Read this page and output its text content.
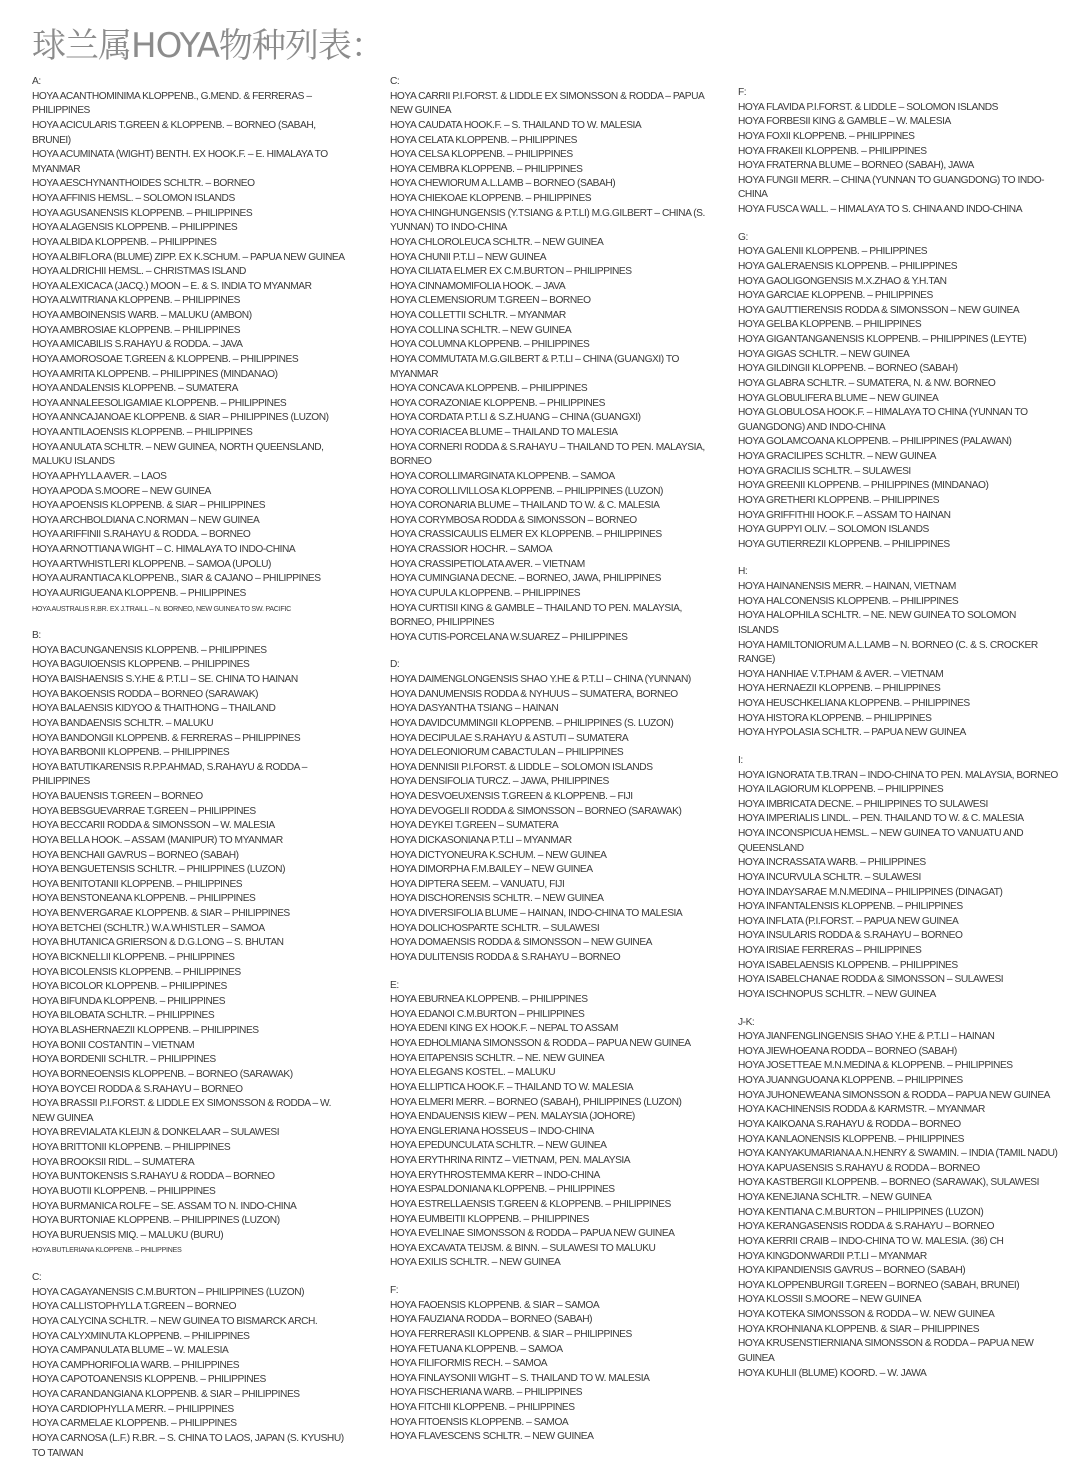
球兰属HOYA物种列表：
A:
HOYA ACANTHOMINIMA KLOPPENB., G.MEND. & FERRERAS – PHILIPPINES
HOYA ACICULARIS T.GREEN & KLOPPENB. – BORNEO (SABAH, BRUNEI)
HOYA ACUMINATA (WIGHT) BENTH. EX HOOK.F. – E. HIMALAYA TO MYANMAR
HOYA AESCHYNANTHOIDES SCHLTR. – BORNEO
HOYA AFFINIS HEMSL. – SOLOMON ISLANDS
HOYA AGUSANENSIS KLOPPENB. – PHILIPPINES
HOYA ALAGENSIS KLOPPENB. – PHILIPPINES
HOYA ALBIDA KLOPPENB. – PHILIPPINES
HOYA ALBIFLORA (BLUME) ZIPP. EX K.SCHUM. – PAPUA NEW GUINEA
HOYA ALDRICHII HEMSL. – CHRISTMAS ISLAND
HOYA ALEXICACA (JACQ.) MOON – E. & S. INDIA TO MYANMAR
HOYA ALWITRIANA KLOPPENB. – PHILIPPINES
HOYA AMBOINENSIS WARB. – MALUKU (AMBON)
HOYA AMBROSIAE KLOPPENB. – PHILIPPINES
HOYA AMICABILIS S.RAHAYU & RODDA. – JAVA
HOYA AMOROSOAE T.GREEN & KLOPPENB. – PHILIPPINES
HOYA AMRITA KLOPPENB. – PHILIPPINES (MINDANAO)
HOYA ANDALENSIS KLOPPENB. – SUMATERA
HOYA ANNALEESOLIGAMIAE KLOPPENB. – PHILIPPINES
HOYA ANNCAJANOAE KLOPPENB. & SIAR – PHILIPPINES (LUZON)
HOYA ANTILAOENSIS KLOPPENB. – PHILIPPINES
HOYA ANULATA SCHLTR. – NEW GUINEA, NORTH QUEENSLAND, MALUKU ISLANDS
HOYA APHYLLA AVER. – LAOS
HOYA APODA S.MOORE – NEW GUINEA
HOYA APOENSIS KLOPPENB. & SIAR – PHILIPPINES
HOYA ARCHBOLDIANA C.NORMAN – NEW GUINEA
HOYA ARIFFINII S.RAHAYU & RODDA. – BORNEO
HOYA ARNOTTIANA WIGHT – C. HIMALAYA TO INDO-CHINA
HOYA ARTWHISTLERI KLOPPENB. – SAMOA (UPOLU)
HOYA AURANTIACA KLOPPENB., SIAR & CAJANO – PHILIPPINES
HOYA AURIGUEANA KLOPPENB. – PHILIPPINES
HOYA AUSTRALIS R.BR. EX J.TRAILL – N. BORNEO, NEW GUINEA TO SW. PACIFIC
B:
HOYA BACUNGANENSIS KLOPPENB. – PHILIPPINES
HOYA BAGUIOENSIS KLOPPENB. – PHILIPPINES
HOYA BAISHAENSIS S.Y.HE & P.T.LI – SE. CHINA TO HAINAN
HOYA BAKOENSIS RODDA – BORNEO (SARAWAK)
HOYA BALAENSIS KIDYOO & THAITHONG – THAILAND
HOYA BANDAENSIS SCHLTR. – MALUKU
HOYA BANDONGII KLOPPENB. & FERRERAS – PHILIPPINES
HOYA BARBONII KLOPPENB. – PHILIPPINES
HOYA BATUTIKARENSIS R.P.P.AHMAD, S.RAHAYU & RODDA – PHILIPPINES
HOYA BAUENSIS T.GREEN – BORNEO
HOYA BEBSGUEVARRAE T.GREEN – PHILIPPINES
HOYA BECCARII RODDA & SIMONSSON – W. MALESIA
HOYA BELLA HOOK. – ASSAM (MANIPUR) TO MYANMAR
HOYA BENCHAII GAVRUS – BORNEO (SABAH)
HOYA BENGUETENSIS SCHLTR. – PHILIPPINES (LUZON)
HOYA BENITOTANII KLOPPENB. – PHILIPPINES
HOYA BENSTONEANA KLOPPENB. – PHILIPPINES
HOYA BENVERGARAE KLOPPENB. & SIAR – PHILIPPINES
HOYA BETCHEI (SCHLTR.) W.A.WHISTLER – SAMOA
HOYA BHUTANICA GRIERSON & D.G.LONG – S. BHUTAN
HOYA BICKNELLII KLOPPENB. – PHILIPPINES
HOYA BICOLENSIS KLOPPENB. – PHILIPPINES
HOYA BICOLOR KLOPPENB. – PHILIPPINES
HOYA BIFUNDA KLOPPENB. – PHILIPPINES
HOYA BILOBATA SCHLTR. – PHILIPPINES
HOYA BLASHERNAEZII KLOPPENB. – PHILIPPINES
HOYA BONII COSTANTIN – VIETNAM
HOYA BORDENII SCHLTR. – PHILIPPINES
HOYA BORNEOENSIS KLOPPENB. – BORNEO (SARAWAK)
HOYA BOYCEI RODDA & S.RAHAYU – BORNEO
HOYA BRASSII P.I.FORST. & LIDDLE EX SIMONSSON & RODDA – W. NEW GUINEA
HOYA BREVIALATA KLEIJN & DONKELAAR – SULAWESI
HOYA BRITTONII KLOPPENB. – PHILIPPINES
HOYA BROOKSII RIDL. – SUMATERA
HOYA BUNTOKENSIS S.RAHAYU & RODDA – BORNEO
HOYA BUOTII KLOPPENB. – PHILIPPINES
HOYA BURMANICA ROLFE – SE. ASSAM TO N. INDO-CHINA
HOYA BURTONIAE KLOPPENB. – PHILIPPINES (LUZON)
HOYA BURUENSIS MIQ. – MALUKU (BURU)
HOYA BUTLERIANA KLOPPENB. – PHILIPPINES
C:
HOYA CAGAYANENSIS C.M.BURTON – PHILIPPINES (LUZON)
HOYA CALLISTOPHYLLA T.GREEN – BORNEO
HOYA CALYCINA SCHLTR. – NEW GUINEA TO BISMARCK ARCH.
HOYA CALYXMINUTA KLOPPENB. – PHILIPPINES
HOYA CAMPANULATA BLUME – W. MALESIA
HOYA CAMPHORIFOLIA WARB. – PHILIPPINES
HOYA CAPOTOANENSIS KLOPPENB. – PHILIPPINES
HOYA CARANDANGIANA KLOPPENB. & SIAR – PHILIPPINES
HOYA CARDIOPHYLLA MERR. – PHILIPPINES
HOYA CARMELAE KLOPPENB. – PHILIPPINES
HOYA CARNOSA (L.F.) R.BR. – S. CHINA TO LAOS, JAPAN (S. KYUSHU) TO TAIWAN
C:
HOYA CARRII P.I.FORST. & LIDDLE EX SIMONSSON & RODDA – PAPUA NEW GUINEA
HOYA CAUDATA HOOK.F. – S. THAILAND TO W. MALESIA
HOYA CELATA KLOPPENB. – PHILIPPINES
HOYA CELSA KLOPPENB. – PHILIPPINES
HOYA CEMBRA KLOPPENB. – PHILIPPINES
HOYA CHEWIORUM A.L.LAMB – BORNEO (SABAH)
HOYA CHIEKOAE KLOPPENB. – PHILIPPINES
HOYA CHINGHUNGENSIS (Y.TSIANG & P.T.LI) M.G.GILBERT – CHINA (S. YUNNAN) TO INDO-CHINA
HOYA CHLOROLEUCA SCHLTR. – NEW GUINEA
HOYA CHUNII P.T.LI – NEW GUINEA
HOYA CILIATA ELMER EX C.M.BURTON – PHILIPPINES
HOYA CINNAMOMIFOLIA HOOK. – JAVA
HOYA CLEMENSIORUM T.GREEN – BORNEO
HOYA COLLETTII SCHLTR. – MYANMAR
HOYA COLLINA SCHLTR. – NEW GUINEA
HOYA COLUMNA KLOPPENB. – PHILIPPINES
HOYA COMMUTATA M.G.GILBERT & P.T.LI – CHINA (GUANGXI) TO MYANMAR
HOYA CONCAVA KLOPPENB. – PHILIPPINES
HOYA CORAZONIAE KLOPPENB. – PHILIPPINES
HOYA CORDATA P.T.LI & S.Z.HUANG – CHINA (GUANGXI)
HOYA CORIACEA BLUME – THAILAND TO MALESIA
HOYA CORNERI RODDA & S.RAHAYU – THAILAND TO PEN. MALAYSIA, BORNEO
HOYA COROLLIMARGINATA KLOPPENB. – SAMOA
HOYA COROLLIVILLOSA KLOPPENB. – PHILIPPINES (LUZON)
HOYA CORONARIA BLUME – THAILAND TO W. & C. MALESIA
HOYA CORYMBOSA RODDA & SIMONSSON – BORNEO
HOYA CRASSICAULIS ELMER EX KLOPPENB. – PHILIPPINES
HOYA CRASSIOR HOCHR. – SAMOA
HOYA CRASSIPETIOLATA AVER. – VIETNAM
HOYA CUMINGIANA DECNE. – BORNEO, JAWA, PHILIPPINES
HOYA CUPULA KLOPPENB. – PHILIPPINES
HOYA CURTISII KING & GAMBLE – THAILAND TO PEN. MALAYSIA, BORNEO, PHILIPPINES
HOYA CUTIS-PORCELANA W.SUAREZ – PHILIPPINES
D:
HOYA DAIMENGLONGENSIS SHAO Y.HE & P.T.LI – CHINA (YUNNAN)
HOYA DANUMENSIS RODDA & NYHUUS – SUMATERA, BORNEO
HOYA DASYANTHA TSIANG – HAINAN
HOYA DAVIDCUMMINGII KLOPPENB. – PHILIPPINES (S. LUZON)
HOYA DECIPULAE S.RAHAYU & ASTUTI – SUMATERA
HOYA DELEONIORUM CABACTULAN – PHILIPPINES
HOYA DENNISII P.I.FORST. & LIDDLE – SOLOMON ISLANDS
HOYA DENSIFOLIA TURCZ. – JAWA, PHILIPPINES
HOYA DESVOEUXENSIS T.GREEN & KLOPPENB. – FIJI
HOYA DEVOGELII RODDA & SIMONSSON – BORNEO (SARAWAK)
HOYA DEYKEI T.GREEN – SUMATERA
HOYA DICKASONIANA P.T.LI – MYANMAR
HOYA DICTYONEURA K.SCHUM. – NEW GUINEA
HOYA DIMORPHA F.M.BAILEY – NEW GUINEA
HOYA DIPTERA SEEM. – VANUATU, FIJI
HOYA DISCHORENSIS SCHLTR. – NEW GUINEA
HOYA DIVERSIFOLIA BLUME – HAINAN, INDO-CHINA TO MALESIA
HOYA DOLICHOSPARTE SCHLTR. – SULAWESI
HOYA DOMAENSIS RODDA & SIMONSSON – NEW GUINEA
HOYA DULITENSIS RODDA & S.RAHAYU – BORNEO
E:
HOYA EBURNEA KLOPPENB. – PHILIPPINES
HOYA EDANOI C.M.BURTON – PHILIPPINES
HOYA EDENI KING EX HOOK.F. – NEPAL TO ASSAM
HOYA EDHOLMIANA SIMONSSON & RODDA – PAPUA NEW GUINEA
HOYA EITAPENSIS SCHLTR. – NE. NEW GUINEA
HOYA ELEGANS KOSTEL. – MALUKU
HOYA ELLIPTICA HOOK.F. – THAILAND TO W. MALESIA
HOYA ELMERI MERR. – BORNEO (SABAH), PHILIPPINES (LUZON)
HOYA ENDAUENSIS KIEW – PEN. MALAYSIA (JOHORE)
HOYA ENGLERIANA HOSSEUS – INDO-CHINA
HOYA EPEDUNCULATA SCHLTR. – NEW GUINEA
HOYA ERYTHRINA RINTZ – VIETNAM, PEN. MALAYSIA
HOYA ERYTHROSTEMMA KERR – INDO-CHINA
HOYA ESPALDONIANA KLOPPENB. – PHILIPPINES
HOYA ESTRELLAENSIS T.GREEN & KLOPPENB. – PHILIPPINES
HOYA EUMBEITII KLOPPENB. – PHILIPPINES
HOYA EVELINAE SIMONSSON & RODDA – PAPUA NEW GUINEA
HOYA EXCAVATA TEIJSM. & BINN. – SULAWESI TO MALUKU
HOYA EXILIS SCHLTR. – NEW GUINEA
F:
HOYA FAOENSIS KLOPPENB. & SIAR – SAMOA
HOYA FAUZIANA RODDA – BORNEO (SABAH)
HOYA FERRERASII KLOPPENB. & SIAR – PHILIPPINES
HOYA FETUANA KLOPPENB. – SAMOA
HOYA FILIFORMIS RECH. – SAMOA
HOYA FINLAYSONII WIGHT – S. THAILAND TO W. MALESIA
HOYA FISCHERIANA WARB. – PHILIPPINES
HOYA FITCHII KLOPPENB. – PHILIPPINES
HOYA FITOENSIS KLOPPENB. – SAMOA
HOYA FLAVESCENS SCHLTR. – NEW GUINEA
F:
HOYA FLAVIDA P.I.FORST. & LIDDLE – SOLOMON ISLANDS
HOYA FORBESII KING & GAMBLE – W. MALESIA
HOYA FOXII KLOPPENB. – PHILIPPINES
HOYA FRAKEII KLOPPENB. – PHILIPPINES
HOYA FRATERNA BLUME – BORNEO (SABAH), JAWA
HOYA FUNGII MERR. – CHINA (YUNNAN TO GUANGDONG) TO INDO-CHINA
HOYA FUSCA WALL. – HIMALAYA TO S. CHINA AND INDO-CHINA
G:
HOYA GALENII KLOPPENB. – PHILIPPINES
HOYA GALERAENSIS KLOPPENB. – PHILIPPINES
HOYA GAOLIGONGENSIS M.X.ZHAO & Y.H.TAN
HOYA GARCIAE KLOPPENB. – PHILIPPINES
HOYA GAUTTIERENSIS RODDA & SIMONSSON – NEW GUINEA
HOYA GELBA KLOPPENB. – PHILIPPINES
HOYA GIGANTANGANENSIS KLOPPENB. – PHILIPPINES (LEYTE)
HOYA GIGAS SCHLTR. – NEW GUINEA
HOYA GILDINGII KLOPPENB. – BORNEO (SABAH)
HOYA GLABRA SCHLTR. – SUMATERA, N. & NW. BORNEO
HOYA GLOBULIFERA BLUME – NEW GUINEA
HOYA GLOBULOSA HOOK.F. – HIMALAYA TO CHINA (YUNNAN TO GUANGDONG) AND INDO-CHINA
HOYA GOLAMCOANA KLOPPENB. – PHILIPPINES (PALAWAN)
HOYA GRACILIPES SCHLTR. – NEW GUINEA
HOYA GRACILIS SCHLTR. – SULAWESI
HOYA GREENII KLOPPENB. – PHILIPPINES (MINDANAO)
HOYA GRETHERI KLOPPENB. – PHILIPPINES
HOYA GRIFFITHII HOOK.F. – ASSAM TO HAINAN
HOYA GUPPYI OLIV. – SOLOMON ISLANDS
HOYA GUTIERREZII KLOPPENB. – PHILIPPINES
H:
HOYA HAINANENSIS MERR. – HAINAN, VIETNAM
HOYA HALCONENSIS KLOPPENB. – PHILIPPINES
HOYA HALOPHILA SCHLTR. – NE. NEW GUINEA TO SOLOMON ISLANDS
HOYA HAMILTONIORUM A.L.LAMB – N. BORNEO (C. & S. CROCKER RANGE)
HOYA HANHIAE V.T.PHAM & AVER. – VIETNAM
HOYA HERNAEZII KLOPPENB. – PHILIPPINES
HOYA HEUSCHKELIANA KLOPPENB. – PHILIPPINES
HOYA HISTORA KLOPPENB. – PHILIPPINES
HOYA HYPOLASIA SCHLTR. – PAPUA NEW GUINEA
I:
HOYA IGNORATA T.B.TRAN – INDO-CHINA TO PEN. MALAYSIA, BORNEO
HOYA ILAGIORUM KLOPPENB. – PHILIPPINES
HOYA IMBRICATA DECNE. – PHILIPPINES TO SULAWESI
HOYA IMPERIALIS LINDL. – PEN. THAILAND TO W. & C. MALESIA
HOYA INCONSPICUA HEMSL. – NEW GUINEA TO VANUATU AND QUEENSLAND
HOYA INCRASSATA WARB. – PHILIPPINES
HOYA INCURVULA SCHLTR. – SULAWESI
HOYA INDAYSARAE M.N.MEDINA – PHILIPPINES (DINAGAT)
HOYA INFANTALENSIS KLOPPENB. – PHILIPPINES
HOYA INFLATA (P.I.FORST. – PAPUA NEW GUINEA
HOYA INSULARIS RODDA & S.RAHAYU – BORNEO
HOYA IRISIAE FERRERAS – PHILIPPINES
HOYA ISABELAENSIS KLOPPENB. – PHILIPPINES
HOYA ISABELCHANAE RODDA & SIMONSSON – SULAWESI
HOYA ISCHNOPUS SCHLTR. – NEW GUINEA
J-K:
HOYA JIANFENGLINGENSIS SHAO Y.HE & P.T.LI – HAINAN
HOYA JIEWHOEANA RODDA – BORNEO (SABAH)
HOYA JOSETTEAE M.N.MEDINA & KLOPPENB. – PHILIPPINES
HOYA JUANNGUOANA KLOPPENB. – PHILIPPINES
HOYA JUHONEWEANA SIMONSSON & RODDA – PAPUA NEW GUINEA
HOYA KACHINENSIS RODDA & KARMSTR. – MYANMAR
HOYA KAIKOANA S.RAHAYU & RODDA – BORNEO
HOYA KANLAONENSIS KLOPPENB. – PHILIPPINES
HOYA KANYAKUMARIANA A.N.HENRY & SWAMIN. – INDIA (TAMIL NADU)
HOYA KAPUASENSIS S.RAHAYU & RODDA – BORNEO
HOYA KASTBERGII KLOPPENB. – BORNEO (SARAWAK), SULAWESI
HOYA KENEJIANA SCHLTR. – NEW GUINEA
HOYA KENTIANA C.M.BURTON – PHILIPPINES (LUZON)
HOYA KERANGASENSIS RODDA & S.RAHAYU – BORNEO
HOYA KERRII CRAIB – INDO-CHINA TO W. MALESIA. (36) CH
HOYA KINGDONWARDII P.T.LI – MYANMAR
HOYA KIPANDIENSIS GAVRUS – BORNEO (SABAH)
HOYA KLOPPENBURGII T.GREEN – BORNEO (SABAH, BRUNEI)
HOYA KLOSSII S.MOORE – NEW GUINEA
HOYA KOTEKA SIMONSSON & RODDA – W. NEW GUINEA
HOYA KROHNIANA KLOPPENB. & SIAR – PHILIPPINES
HOYA KRUSENSTIERNIANA SIMONSSON & RODDA – PAPUA NEW GUINEA
HOYA KUHLII (BLUME) KOORD. – W. JAWA
